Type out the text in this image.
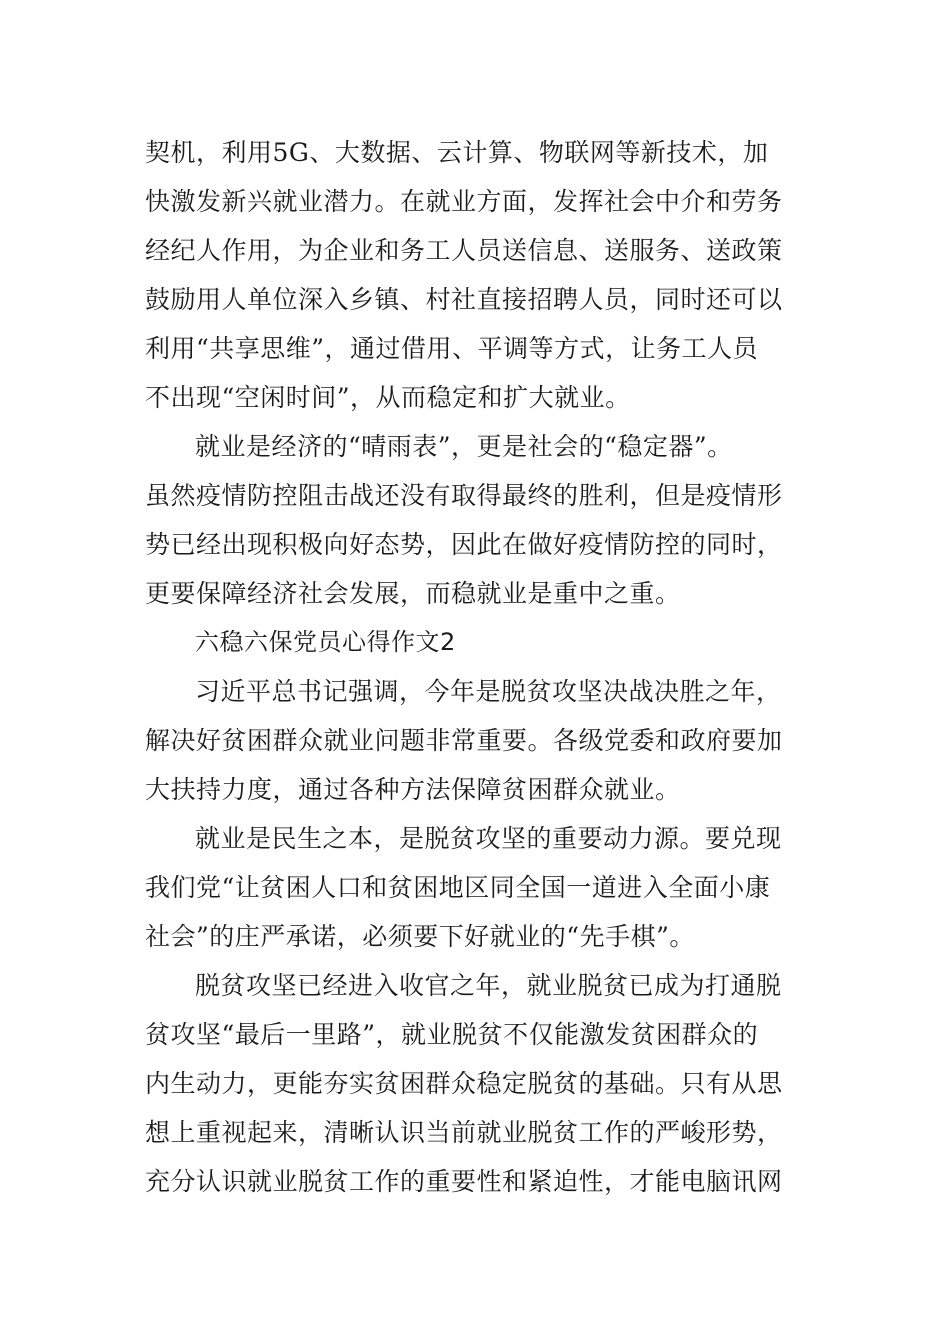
契机，利用5G、大数据、云计算、物联网等新技术，加
快激发新兴就业潜力。在就业方面，发挥社会中介和劳务
经纪人作用，为企业和务工人员送信息、送服务、送政策
鼓励用人单位深入乡镇、村社直接招聘人员，同时还可以
利用“共享思维”，通过借用、平调等方式，让务工人员
不出现“空闲时间”，从而稳定和扩大就业。
就业是经济的“晴雨表”，更是社会的“稳定器”。
虽然疫情防控阻击战还没有取得最终的胜利，但是疫情形
势已经出现积极向好态势，因此在做好疫情防控的同时，
更要保障经济社会发展，而稳就业是重中之重。
六稳六保党员心得作文2
习近平总书记强调，今年是脱贫攻坚决战决胜之年，
解决好贫困群众就业问题非常重要。各级党委和政府要加
大扶持力度，通过各种方法保障贫困群众就业。
就业是民生之本，是脱贫攻坚的重要动力源。要兑现
我们党“让贫困人口和贫困地区同全国一道进入全面小康
社会”的庄严承诺，必须要下好就业的“先手棋”。
脱贫攻坚已经进入收官之年，就业脱贫已成为打通脱
贫攻坚“最后一里路”，就业脱贫不仅能激发贫困群众的
内生动力，更能夯实贫困群众稳定脱贫的基础。只有从思
想上重视起来，清晰认识当前就业脱贫工作的严峻形势，
充分认识就业脱贫工作的重要性和紧迫性，才能电脑讯网
